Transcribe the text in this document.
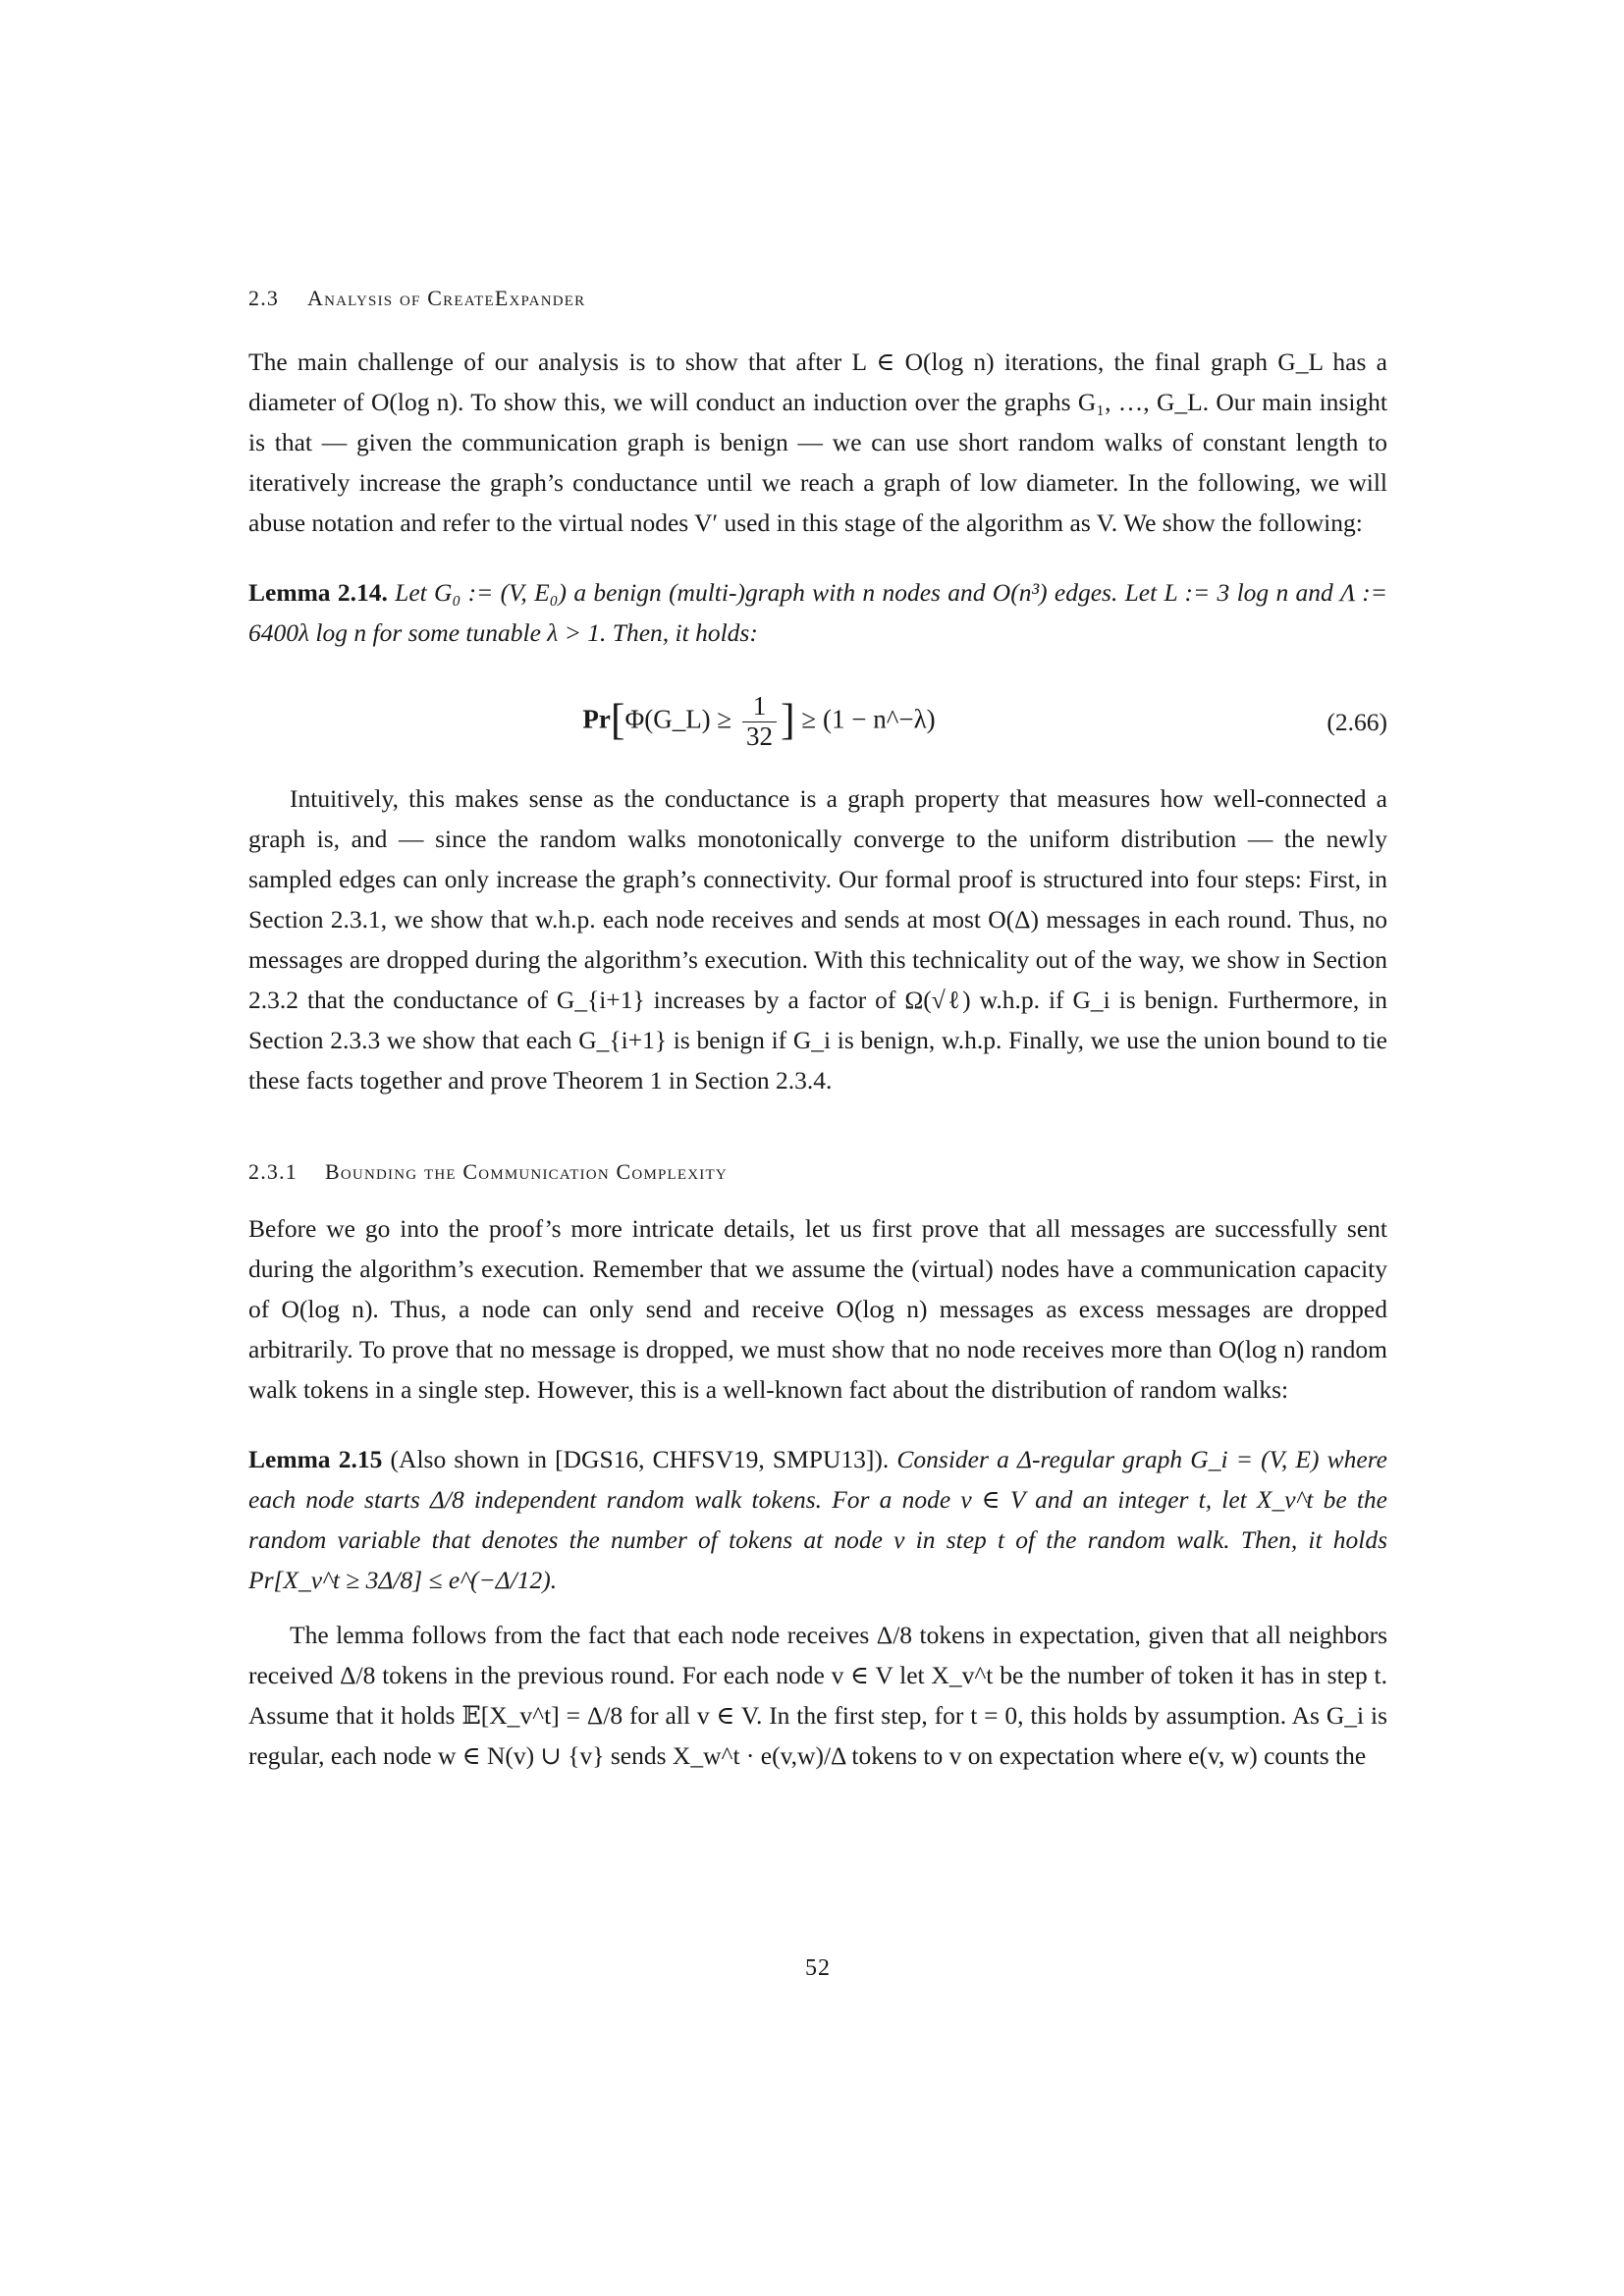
2.3 Analysis of CreateExpander

The main challenge of our analysis is to show that after L ∈ O(log n) iterations, the final graph G_L has a diameter of O(log n). To show this, we will conduct an induction over the graphs G₁, …, G_L. Our main insight is that — given the communication graph is benign — we can use short random walks of constant length to iteratively increase the graph’s conductance until we reach a graph of low diameter. In the following, we will abuse notation and refer to the virtual nodes V′ used in this stage of the algorithm as V. We show the following:

Lemma 2.14. Let G₀ := (V, E₀) a benign (multi-)graph with n nodes and O(n³) edges. Let L := 3 log n and Λ := 6400λ log n for some tunable λ > 1. Then, it holds:

Pr[Φ(G_L) ≥ $\frac{1}{32}$ ] ≥ (1 − n^−λ)	(2.66)

Intuitively, this makes sense as the conductance is a graph property that measures how well-connected a graph is, and — since the random walks monotonically converge to the uniform distribution — the newly sampled edges can only increase the graph’s connectivity. Our formal proof is structured into four steps: First, in Section 2.3.1, we show that w.h.p. each node receives and sends at most O(Δ) messages in each round. Thus, no messages are dropped during the algorithm’s execution. With this technicality out of the way, we show in Section 2.3.2 that the conductance of G_{i+1} increases by a factor of Ω(√ℓ) w.h.p. if G_i is benign. Furthermore, in Section 2.3.3 we show that each G_{i+1} is benign if G_i is benign, w.h.p. Finally, we use the union bound to tie these facts together and prove Theorem 1 in Section 2.3.4.

2.3.1 Bounding the Communication Complexity

Before we go into the proof’s more intricate details, let us first prove that all messages are successfully sent during the algorithm’s execution. Remember that we assume the (virtual) nodes have a communication capacity of O(log n). Thus, a node can only send and receive O(log n) messages as excess messages are dropped arbitrarily. To prove that no message is dropped, we must show that no node receives more than O(log n) random walk tokens in a single step. However, this is a well-known fact about the distribution of random walks:

Lemma 2.15 (Also shown in [DGS16, CHFSV19, SMPU13]). Consider a Δ-regular graph G_i = (V, E) where each node starts Δ/8 independent random walk tokens. For a node v ∈ V and an integer t, let X_v^t be the random variable that denotes the number of tokens at node v in step t of the random walk. Then, it holds Pr[X_v^t ≥ 3Δ/8] ≤ e^(−Δ/12).

The lemma follows from the fact that each node receives Δ/8 tokens in expectation, given that all neighbors received Δ/8 tokens in the previous round. For each node v ∈ V let X_v^t be the number of token it has in step t. Assume that it holds 𝔼[X_v^t] = Δ/8 for all v ∈ V. In the first step, for t = 0, this holds by assumption. As G_i is regular, each node w ∈ N(v) ∪ {v} sends X_w^t · e(v,w)/Δ tokens to v on expectation where e(v, w) counts the

52
